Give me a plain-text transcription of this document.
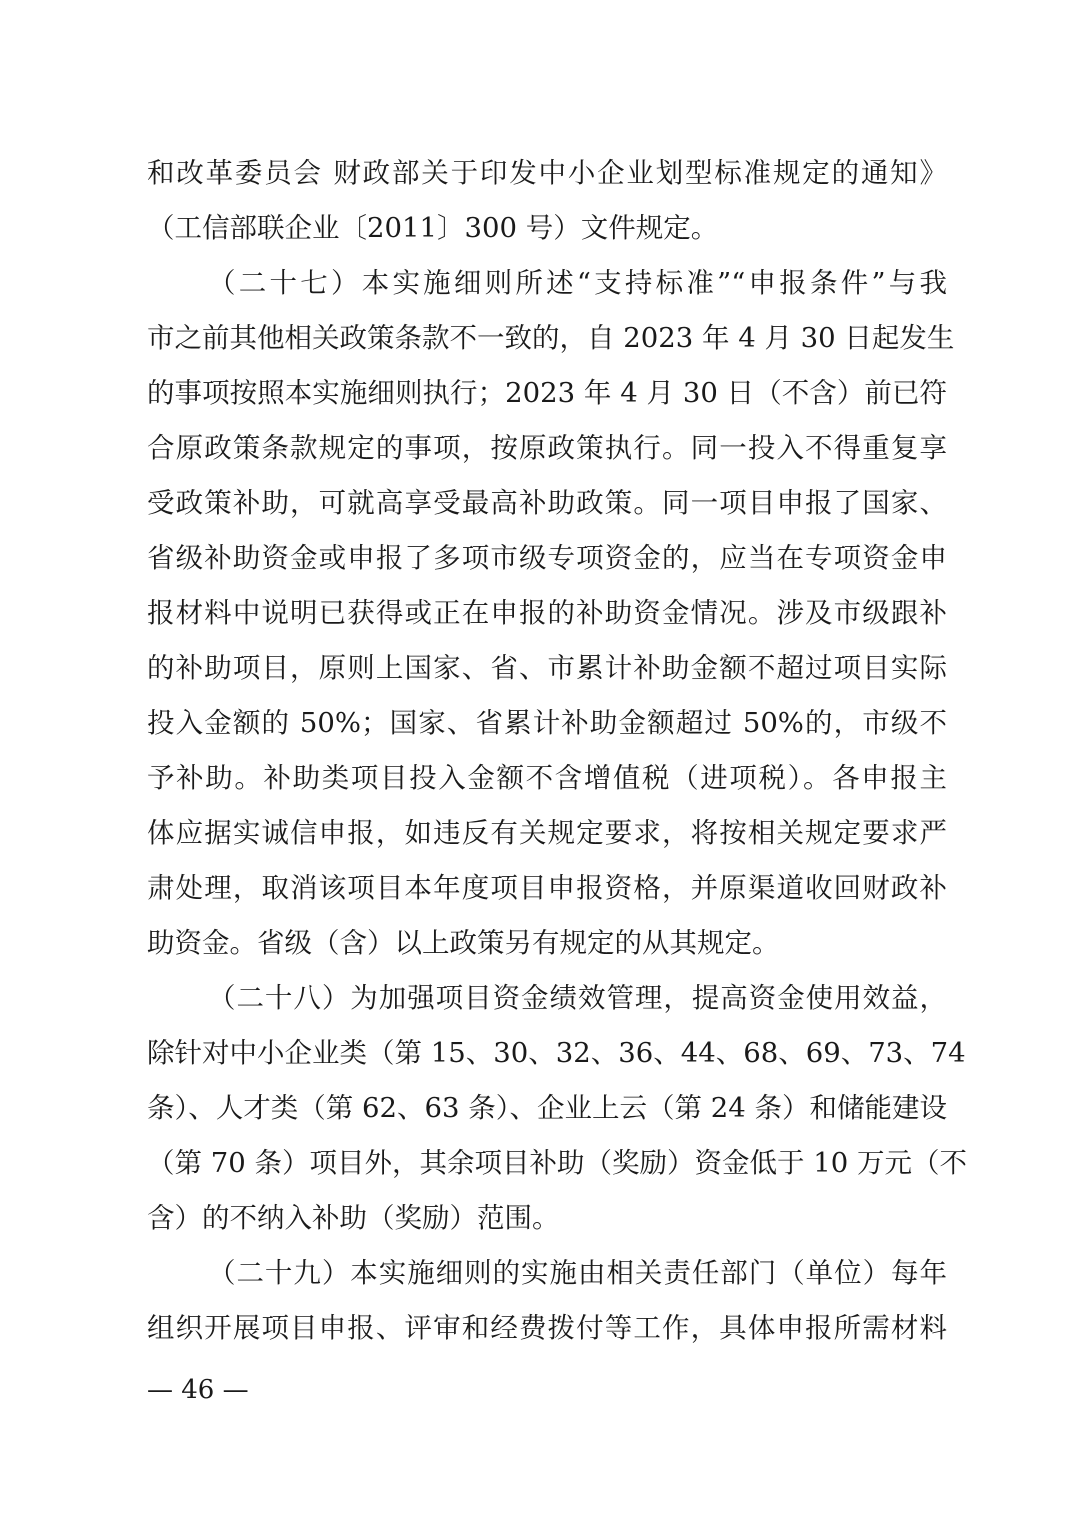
和改革委员会 财政部关于印发中小企业划型标准规定的通知》
（工信部联企业〔2011〕300 号）文件规定。
（二十七）本实施细则所述“支持标准”“申报条件”与我
市之前其他相关政策条款不一致的，自 2023 年 4 月 30 日起发生
的事项按照本实施细则执行；2023 年 4 月 30 日（不含）前已符
合原政策条款规定的事项，按原政策执行。同一投入不得重复享
受政策补助，可就高享受最高补助政策。同一项目申报了国家、
省级补助资金或申报了多项市级专项资金的，应当在专项资金申
报材料中说明已获得或正在申报的补助资金情况。涉及市级跟补
的补助项目，原则上国家、省、市累计补助金额不超过项目实际
投入金额的 50%；国家、省累计补助金额超过 50%的，市级不
予补助。补助类项目投入金额不含增值税（进项税）。各申报主
体应据实诚信申报，如违反有关规定要求，将按相关规定要求严
肃处理，取消该项目本年度项目申报资格，并原渠道收回财政补
助资金。省级（含）以上政策另有规定的从其规定。
（二十八）为加强项目资金绩效管理，提高资金使用效益，
除针对中小企业类（第 15、30、32、36、44、68、69、73、74
条）、人才类（第 62、63 条）、企业上云（第 24 条）和储能建设
（第 70 条）项目外，其余项目补助（奖励）资金低于 10 万元（不
含）的不纳入补助（奖励）范围。
（二十九）本实施细则的实施由相关责任部门（单位）每年
组织开展项目申报、评审和经费拨付等工作，具体申报所需材料
— 46 —
